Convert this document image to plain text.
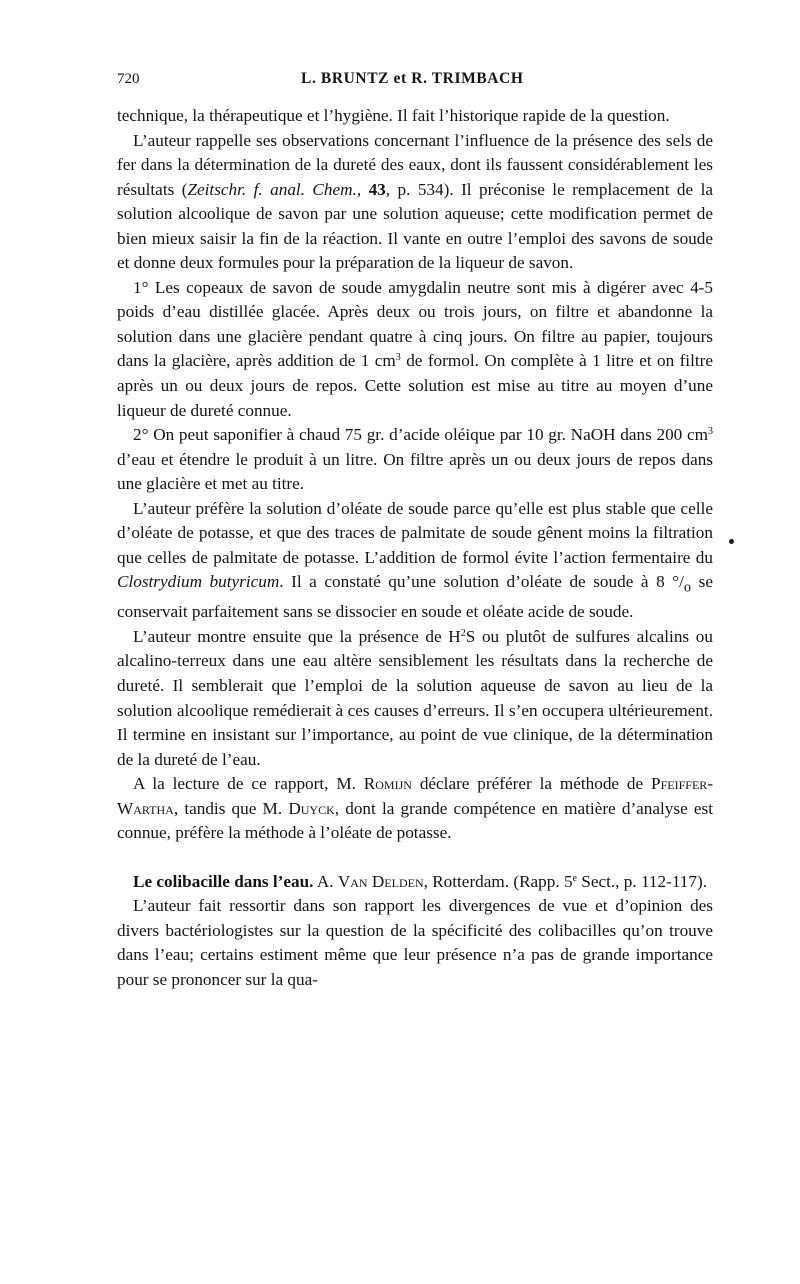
720	L. BRUNTZ et R. TRIMBACH

technique, la thérapeutique et l’hygiène. Il fait l’historique rapide de la question.

L’auteur rappelle ses observations concernant l’influence de la présence des sels de fer dans la détermination de la dureté des eaux, dont ils faussent considérablement les résultats (Zeitschr. f. anal. Chem., 43, p. 534). Il préconise le remplacement de la solution alcoolique de savon par une solution aqueuse; cette modification permet de bien mieux saisir la fin de la réaction. Il vante en outre l’emploi des savons de soude et donne deux formules pour la préparation de la liqueur de savon.

1° Les copeaux de savon de soude amygdalin neutre sont mis à digérer avec 4-5 poids d’eau distillée glacée. Après deux ou trois jours, on filtre et abandonne la solution dans une glacière pendant quatre à cinq jours. On filtre au papier, toujours dans la glacière, après addition de 1 $cm^3$ de formol. On complète à 1 litre et on filtre après un ou deux jours de repos. Cette solution est mise au titre au moyen d’une liqueur de dureté connue.

2° On peut saponifier à chaud 75 gr. d’acide oléique par 10 gr. NaOH dans 200 $cm^3$ d’eau et étendre le produit à un litre. On filtre après un ou deux jours de repos dans une glacière et met au titre.

L’auteur préfère la solution d’oléate de soude parce qu’elle est plus stable que celle d’oléate de potasse, et que des traces de palmitate de soude gênent moins la filtration que celles de palmitate de potasse. L’addition de formol évite l’action fermentaire du Clostrydium butyricum. Il a constaté qu’une solution d’oléate de soude à 8 $^\circ/_o$ se conservait parfaitement sans se dissocier en soude et oléate acide de soude.

L’auteur montre ensuite que la présence de $H^2S$ ou plutôt de sulfures alcalins ou alcalino-terreux dans une eau altère sensiblement les résultats dans la recherche de dureté. Il semblerait que l’emploi de la solution aqueuse de savon au lieu de la solution alcoolique remédierait à ces causes d’erreurs. Il s’en occupera ultérieurement. Il termine en insistant sur l’importance, au point de vue clinique, de la détermination de la dureté de l’eau.

A la lecture de ce rapport, M. Romijn déclare préférer la méthode de Pfeiffer-Wartha, tandis que M. Duyck, dont la grande compétence en matière d’analyse est connue, préfère la méthode à l’oléate de potasse.

Le colibacille dans l’eau. A. Van Delden, Rotterdam. (Rapp. 5e Sect., p. 112-117).

L’auteur fait ressortir dans son rapport les divergences de vue et d’opinion des divers bactériologistes sur la question de la spécificité des colibacilles qu’on trouve dans l’eau; certains estiment même que leur présence n’a pas de grande importance pour se prononcer sur la qua-
